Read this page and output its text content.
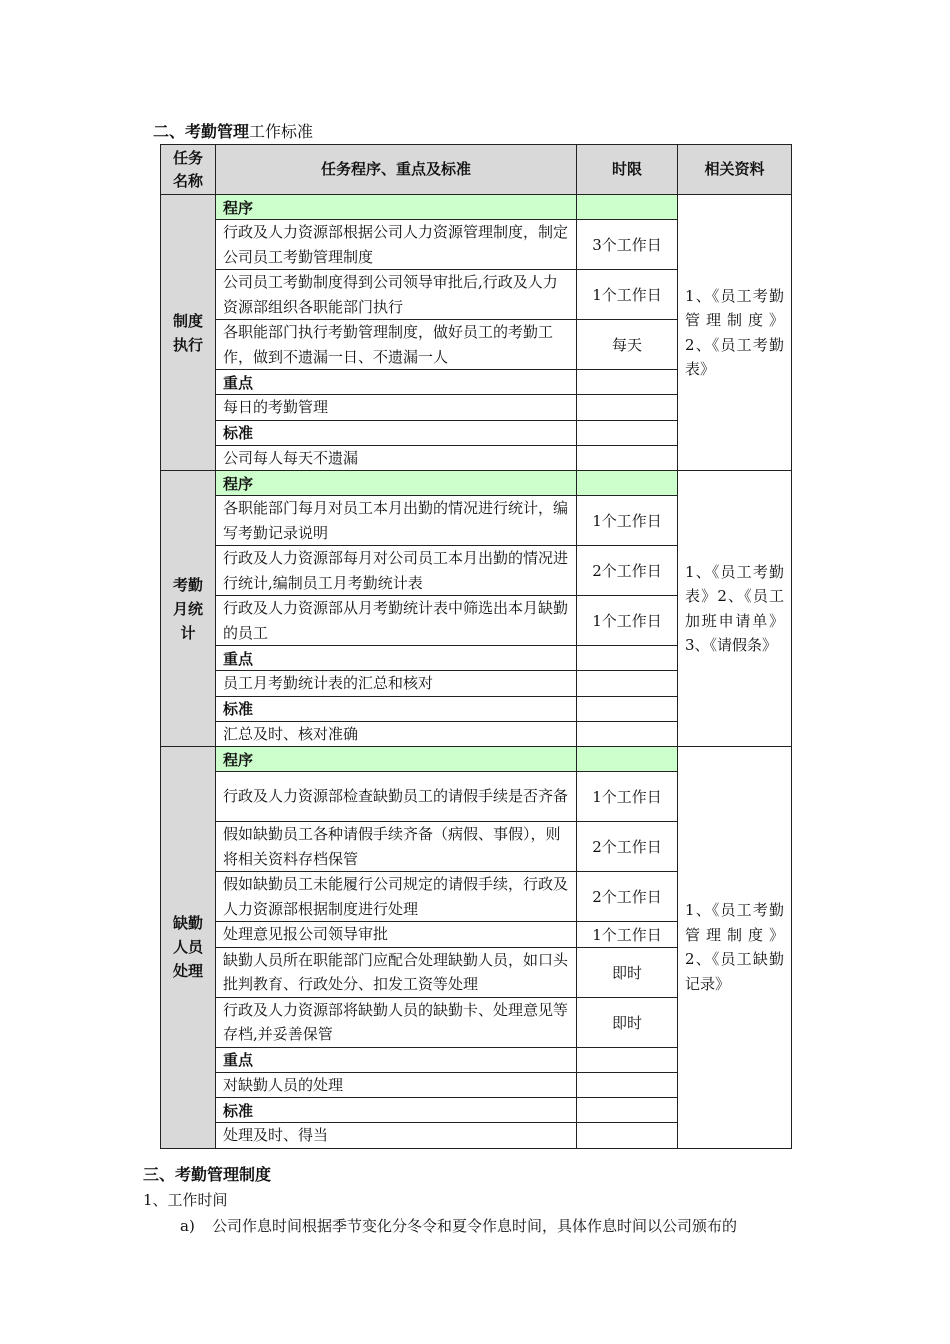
二、考勤管理工作标准
任务名称	任务程序、重点及标准	时限	相关资料
制度执行	程序		1、《员工考勤管理制度》2、《员工考勤表》
	行政及人力资源部根据公司人力资源管理制度，制定公司员工考勤管理制度	3个工作日	
	公司员工考勤制度得到公司领导审批后,行政及人力资源部组织各职能部门执行	1个工作日	
	各职能部门执行考勤管理制度，做好员工的考勤工作，做到不遗漏一日、不遗漏一人	每天	
	重点		
	每日的考勤管理		
	标准		
	公司每人每天不遗漏		
考勤月统计	程序		1、《员工考勤表》2、《员工加班申请单》3、《请假条》
	各职能部门每月对员工本月出勤的情况进行统计，编写考勤记录说明	1个工作日	
	行政及人力资源部每月对公司员工本月出勤的情况进行统计,编制员工月考勤统计表	2个工作日	
	行政及人力资源部从月考勤统计表中筛选出本月缺勤的员工	1个工作日	
	重点		
	员工月考勤统计表的汇总和核对		
	标准		
	汇总及时、核对准确		
缺勤人员处理	程序		1、《员工考勤管理制度》2、《员工缺勤记录》
	行政及人力资源部检查缺勤员工的请假手续是否齐备	1个工作日	
	假如缺勤员工各种请假手续齐备（病假、事假），则将相关资料存档保管	2个工作日	
	假如缺勤员工未能履行公司规定的请假手续，行政及人力资源部根据制度进行处理	2个工作日	
	处理意见报公司领导审批	1个工作日	
	缺勤人员所在职能部门应配合处理缺勤人员，如口头批判教育、行政处分、扣发工资等处理	即时	
	行政及人力资源部将缺勤人员的缺勤卡、处理意见等存档,并妥善保管	即时	
	重点		
	对缺勤人员的处理		
	标准		
	处理及时、得当		
三、考勤管理制度
1、工作时间
a) 公司作息时间根据季节变化分冬令和夏令作息时间，具体作息时间以公司颁布的
